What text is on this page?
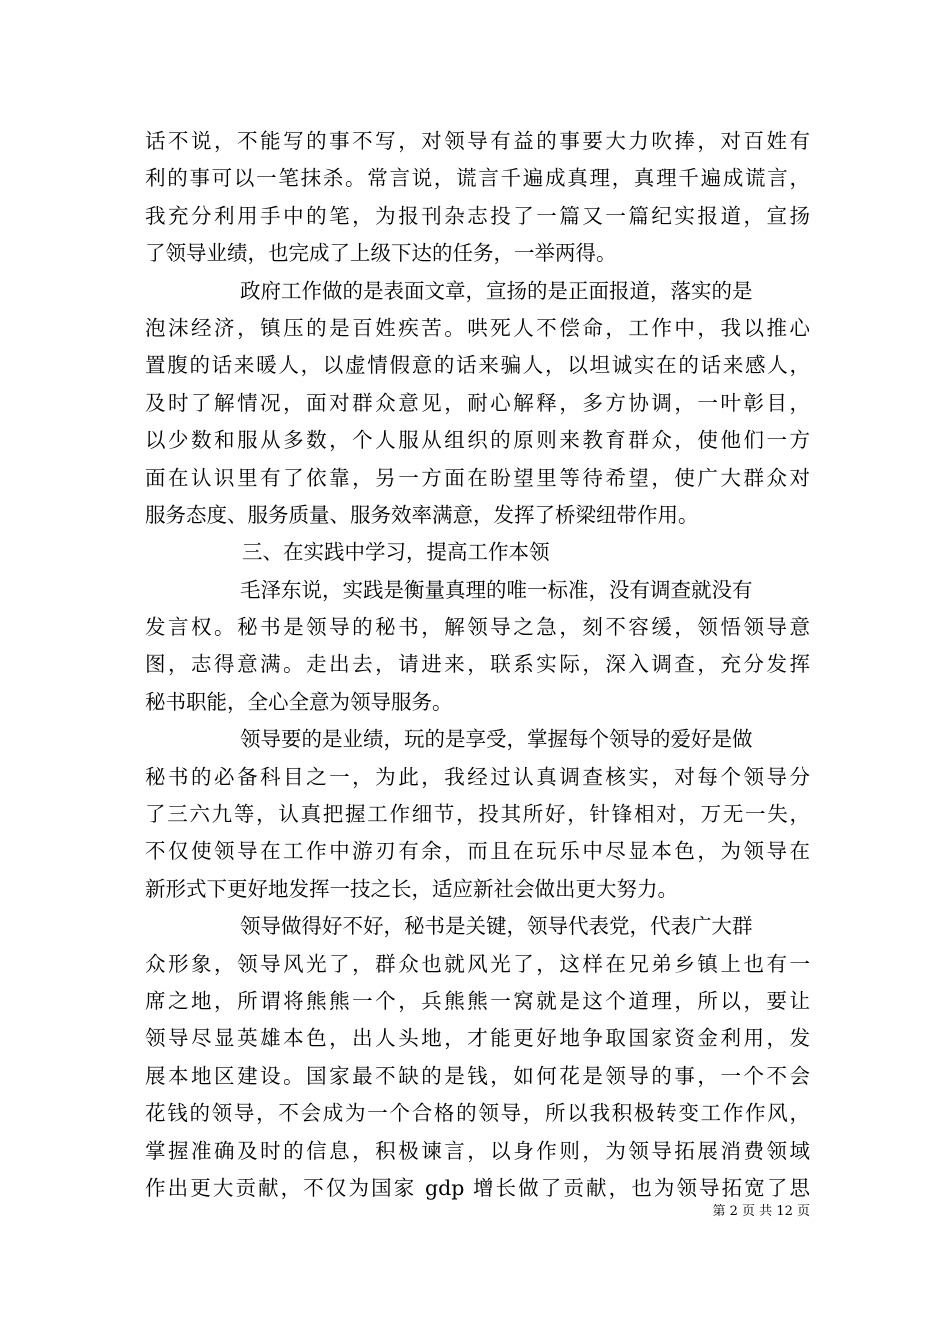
话不说，不能写的事不写，对领导有益的事要大力吹捧，对百姓有
利的事可以一笔抹杀。常言说，谎言千遍成真理，真理千遍成谎言，
我充分利用手中的笔，为报刊杂志投了一篇又一篇纪实报道，宣扬
了领导业绩，也完成了上级下达的任务，一举两得。
政府工作做的是表面文章，宣扬的是正面报道，落实的是
泡沫经济，镇压的是百姓疾苦。哄死人不偿命，工作中，我以推心
置腹的话来暖人，以虚情假意的话来骗人，以坦诚实在的话来感人，
及时了解情况，面对群众意见，耐心解释，多方协调，一叶彰目，
以少数和服从多数，个人服从组织的原则来教育群众，使他们一方
面在认识里有了依靠，另一方面在盼望里等待希望，使广大群众对
服务态度、服务质量、服务效率满意，发挥了桥梁纽带作用。
三、在实践中学习，提高工作本领
毛泽东说，实践是衡量真理的唯一标准，没有调查就没有
发言权。秘书是领导的秘书，解领导之急，刻不容缓，领悟领导意
图，志得意满。走出去，请进来，联系实际，深入调查，充分发挥
秘书职能，全心全意为领导服务。
领导要的是业绩，玩的是享受，掌握每个领导的爱好是做
秘书的必备科目之一，为此，我经过认真调查核实，对每个领导分
了三六九等，认真把握工作细节，投其所好，针锋相对，万无一失，
不仅使领导在工作中游刃有余，而且在玩乐中尽显本色，为领导在
新形式下更好地发挥一技之长，适应新社会做出更大努力。
领导做得好不好，秘书是关键，领导代表党，代表广大群
众形象，领导风光了，群众也就风光了，这样在兄弟乡镇上也有一
席之地，所谓将熊熊一个，兵熊熊一窝就是这个道理，所以，要让
领导尽显英雄本色，出人头地，才能更好地争取国家资金利用，发
展本地区建设。国家最不缺的是钱，如何花是领导的事，一个不会
花钱的领导，不会成为一个合格的领导，所以我积极转变工作作风，
掌握准确及时的信息，积极谏言，以身作则，为领导拓展消费领域
作出更大贡献，不仅为国家 gdp 增长做了贡献，也为领导拓宽了思
第 2 页 共 12 页
